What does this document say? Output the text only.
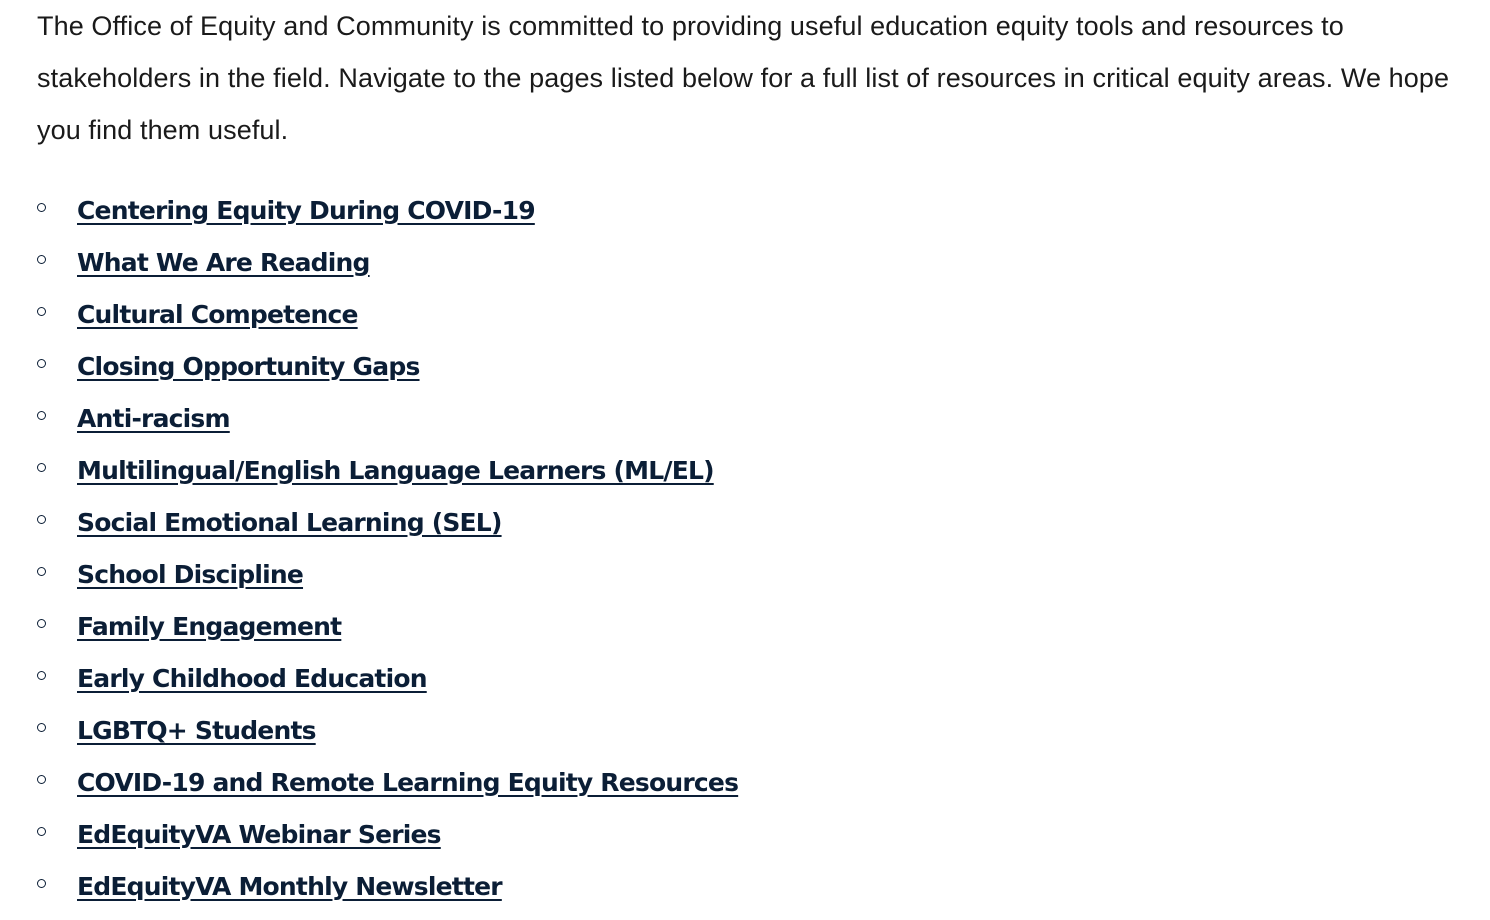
The Office of Equity and Community is committed to providing useful education equity tools and resources to stakeholders in the field. Navigate to the pages listed below for a full list of resources in critical equity areas. We hope you find them useful.

Centering Equity During COVID-19
What We Are Reading
Cultural Competence
Closing Opportunity Gaps
Anti-racism
Multilingual/English Language Learners (ML/EL)
Social Emotional Learning (SEL)
School Discipline
Family Engagement
Early Childhood Education
LGBTQ+ Students
COVID-19 and Remote Learning Equity Resources
EdEquityVA Webinar Series
EdEquityVA Monthly Newsletter
